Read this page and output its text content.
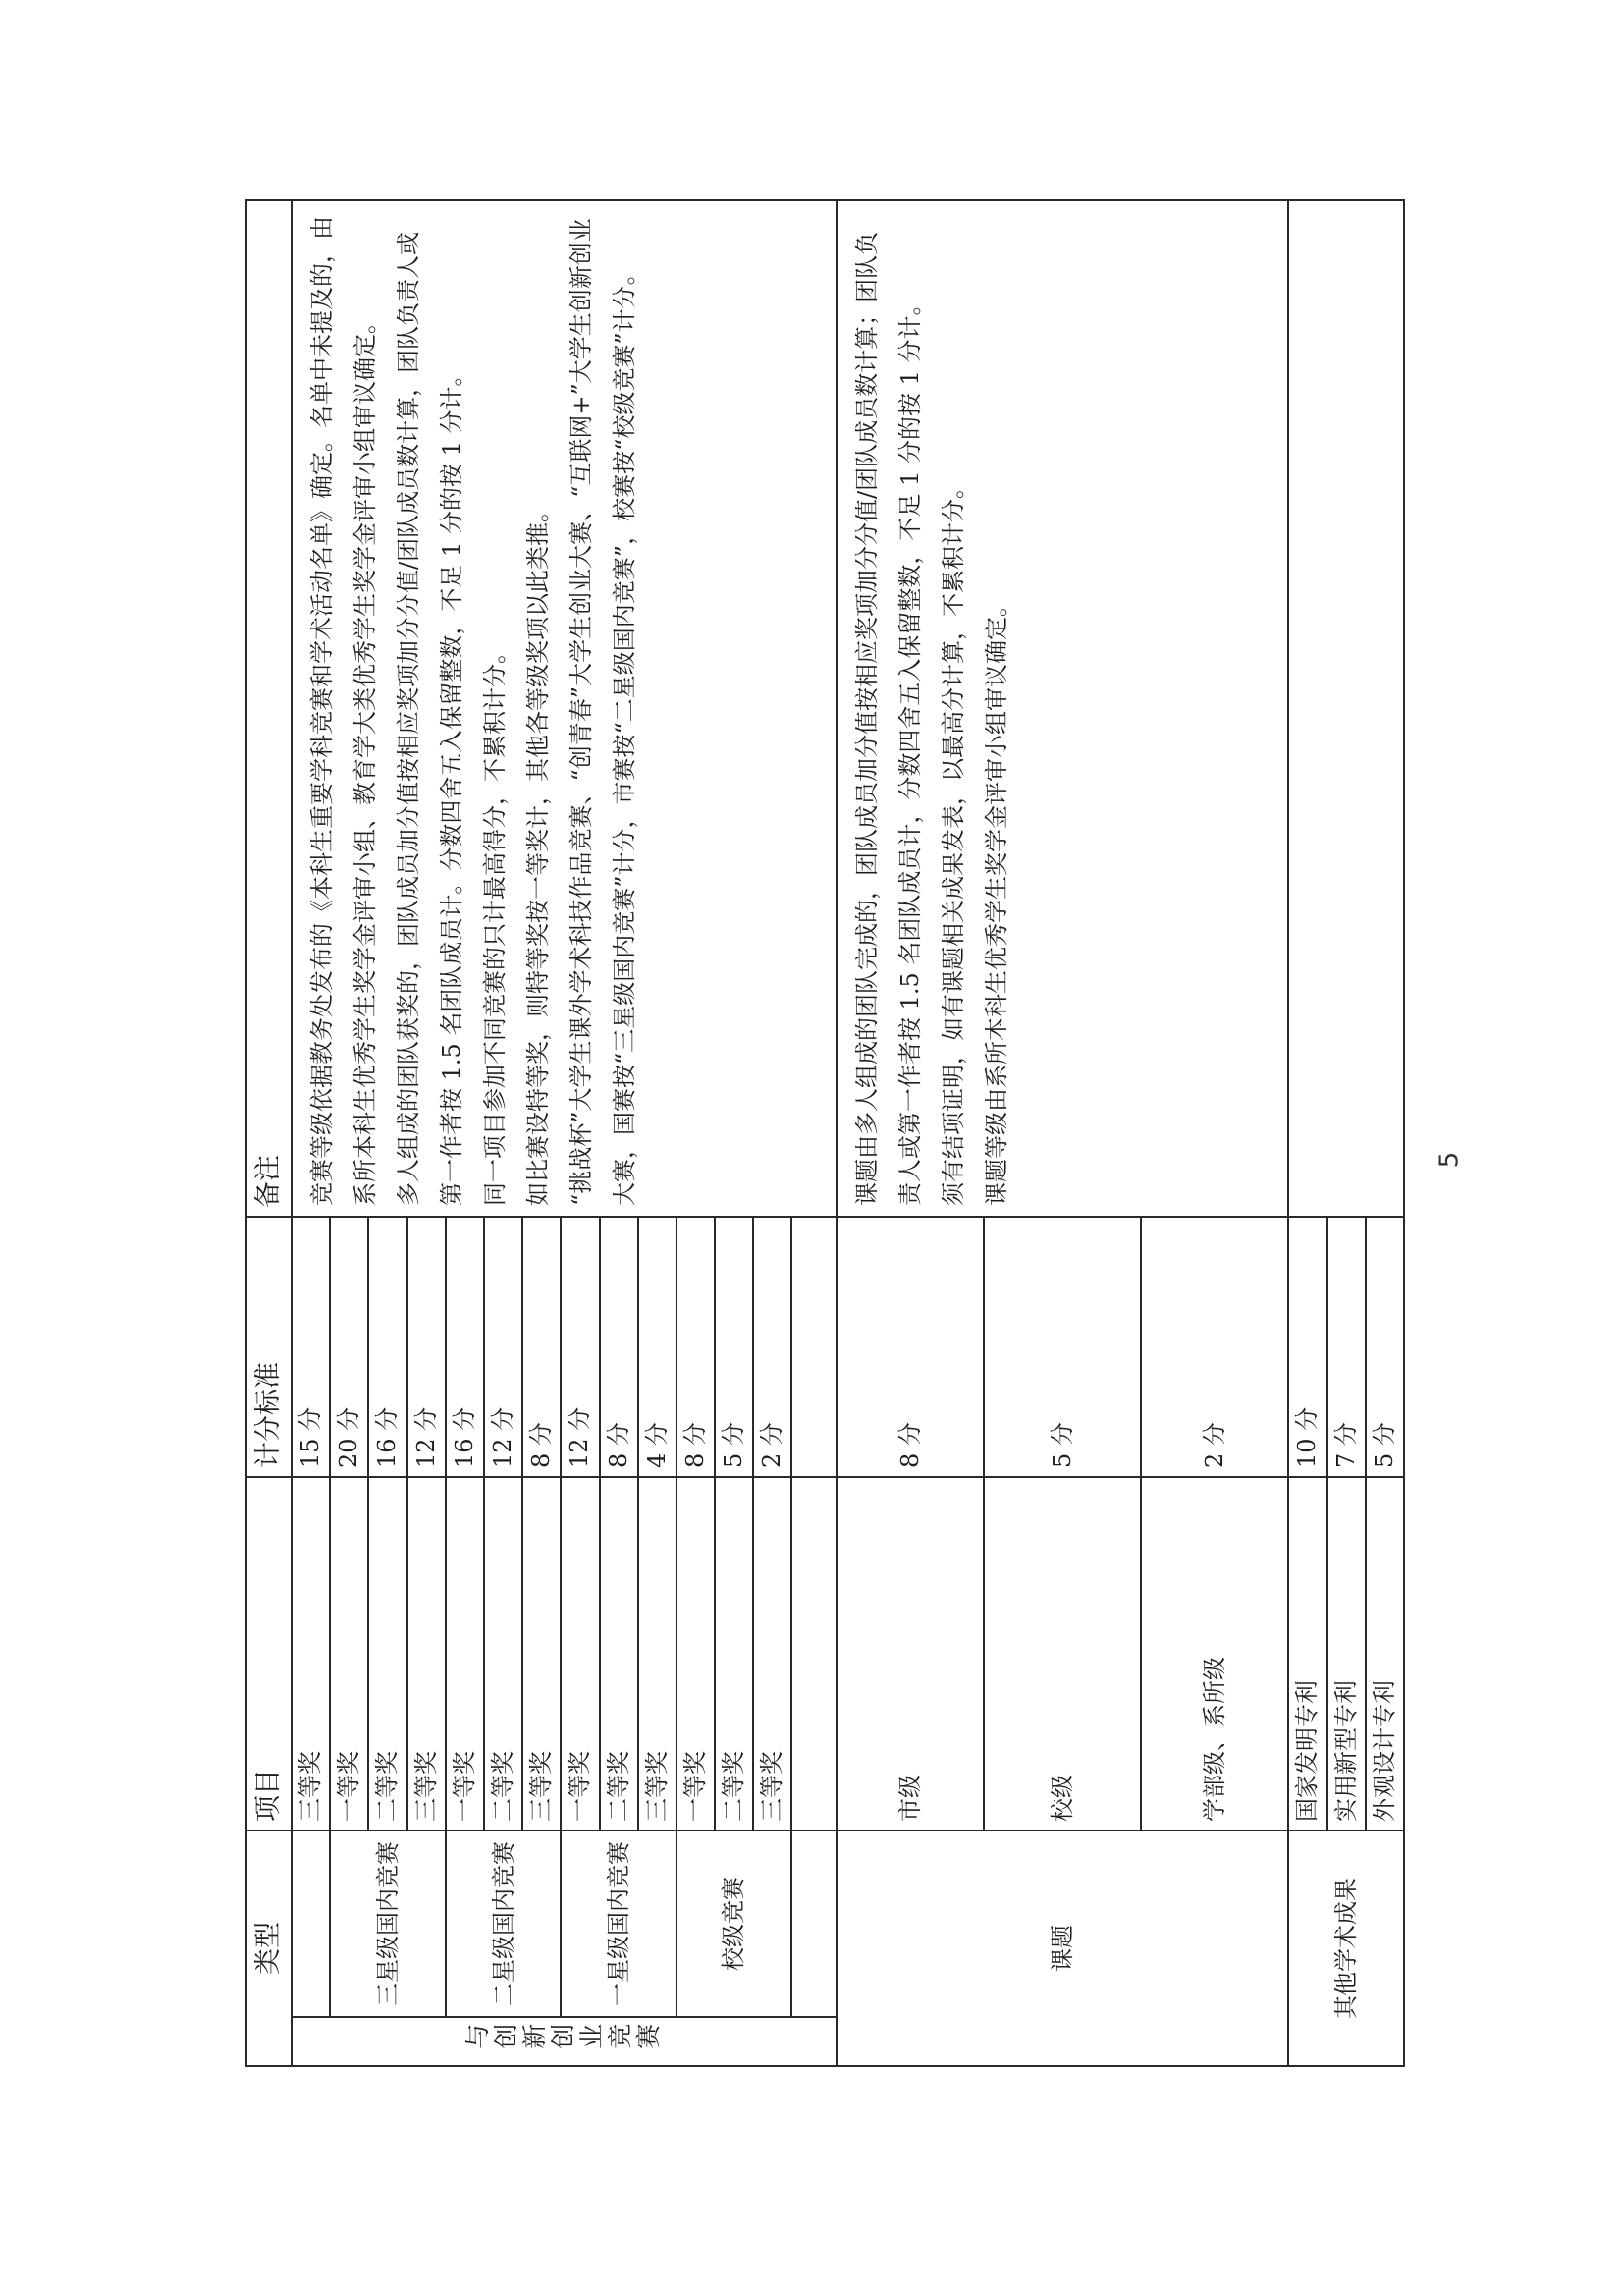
类型		项目	计分标准	备注

与创新创业竞赛		三等奖	15 分	竞赛等级依据教务处发布的《本科生重要学科竞赛和学术活动名单》确定。名单中未提及的，由系所本科生优秀学生奖学金评审小组、教育学大类优秀学生奖学金评审小组审议确定。 多人组成的团队获奖的，团队成员加分值按相应奖项加分分值/团队成员数计算，团队负责人或第一作者按 1.5 名团队成员计。分数四舍五入保留整数，不足 1 分的按 1 分计。 同一项目参加不同竞赛的只计最高得分，不累积计分。 如比赛设特等奖，则特等奖按一等奖计，其他各等级奖项以此类推。 “挑战杯”大学生课外学术科技作品竞赛、“创青春”大学生创业大赛、“互联网+”大学生创新创业大赛，国赛按“三星级国内竞赛”计分，市赛按“二星级国内竞赛”，校赛按“校级竞赛”计分。

	三星级国内竞赛	一等奖	20 分	
		二等奖	16 分	
		三等奖	12 分	
	二星级国内竞赛	一等奖	16 分	
		二等奖	12 分	
		三等奖	8 分	
	一星级国内竞赛	一等奖	12 分	
		二等奖	8 分	
		三等奖	4 分	
	校级竞赛	一等奖	8 分	
		二等奖	5 分	
		三等奖	2 分	

课题		市级	8 分	课题由多人组成的团队完成的，团队成员加分值按相应奖项加分分值/团队成员数计算；团队负责人或第一作者按 1.5 名团队成员计，分数四舍五入保留整数，不足 1 分的按 1 分计。 须有结项证明，如有课题相关成果发表，以最高分计算，不累积计分。 课题等级由系所本科生优秀学生奖学金评审小组审议确定。

		校级	5 分	
		学部级、系所级	2 分	
其他学术成果		国家发明专利	10 分	
		实用新型专利	7 分	
		外观设计专利	5 分	
5
